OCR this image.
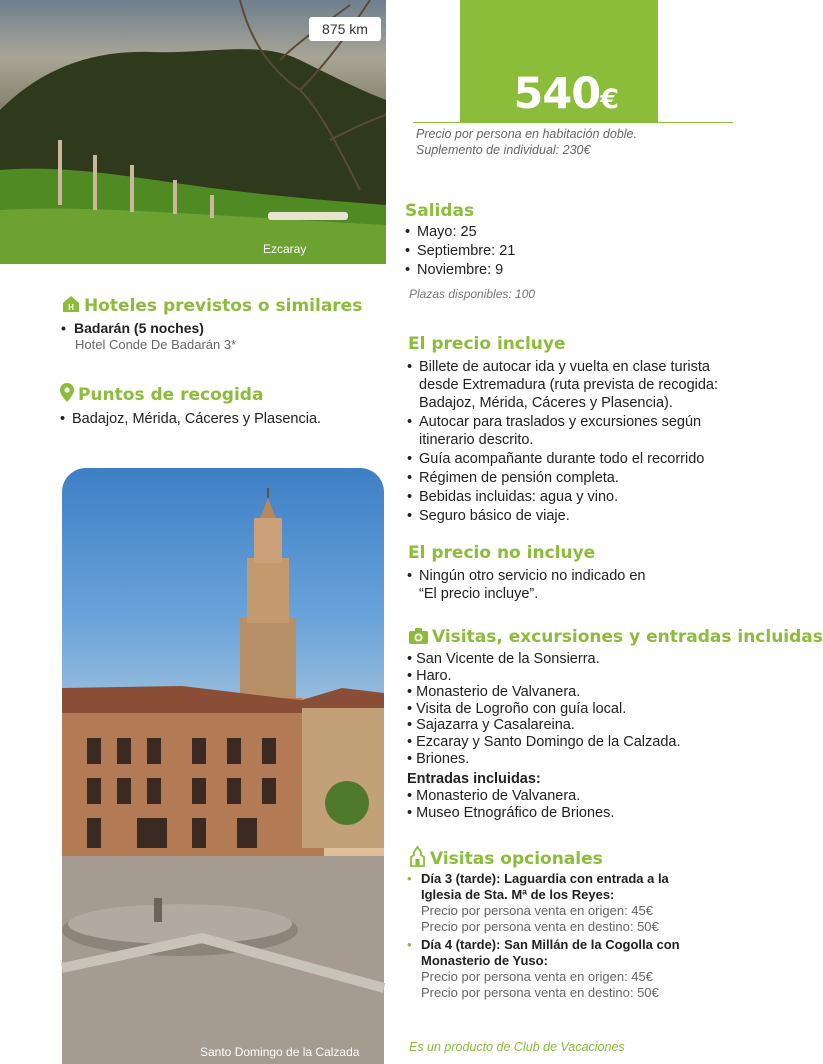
875 km
Ezcaray
540€
Precio por persona en habitación doble.
Suplemento de individual: 230€
Salidas
• Mayo: 25
• Septiembre: 21
• Noviembre: 9
Plazas disponibles: 100
H Hoteles previstos o similares
• Badarán (5 noches)
Hotel Conde De Badarán 3*
Puntos de recogida
• Badajoz, Mérida, Cáceres y Plasencia.
Santo Domingo de la Calzada
El precio incluye
• Billete de autocar ida y vuelta en clase turista desde Extremadura (ruta prevista de recogida: Badajoz, Mérida, Cáceres y Plasencia).
• Autocar para traslados y excursiones según itinerario descrito.
• Guía acompañante durante todo el recorrido
• Régimen de pensión completa.
• Bebidas incluidas: agua y vino.
• Seguro básico de viaje.
El precio no incluye
• Ningún otro servicio no indicado en “El precio incluye”.
Visitas, excursiones y entradas incluidas
• San Vicente de la Sonsierra.
• Haro.
• Monasterio de Valvanera.
• Visita de Logroño con guía local.
• Sajazarra y Casalareina.
• Ezcaray y Santo Domingo de la Calzada.
• Briones.
Entradas incluidas:
• Monasterio de Valvanera.
• Museo Etnográfico de Briones.
Visitas opcionales
• Día 3 (tarde): Laguardia con entrada a la Iglesia de Sta. Mª de los Reyes:
Precio por persona venta en origen: 45€
Precio por persona venta en destino: 50€
• Día 4 (tarde): San Millán de la Cogolla con Monasterio de Yuso:
Precio por persona venta en origen: 45€
Precio por persona venta en destino: 50€
Es un producto de Club de Vacaciones
